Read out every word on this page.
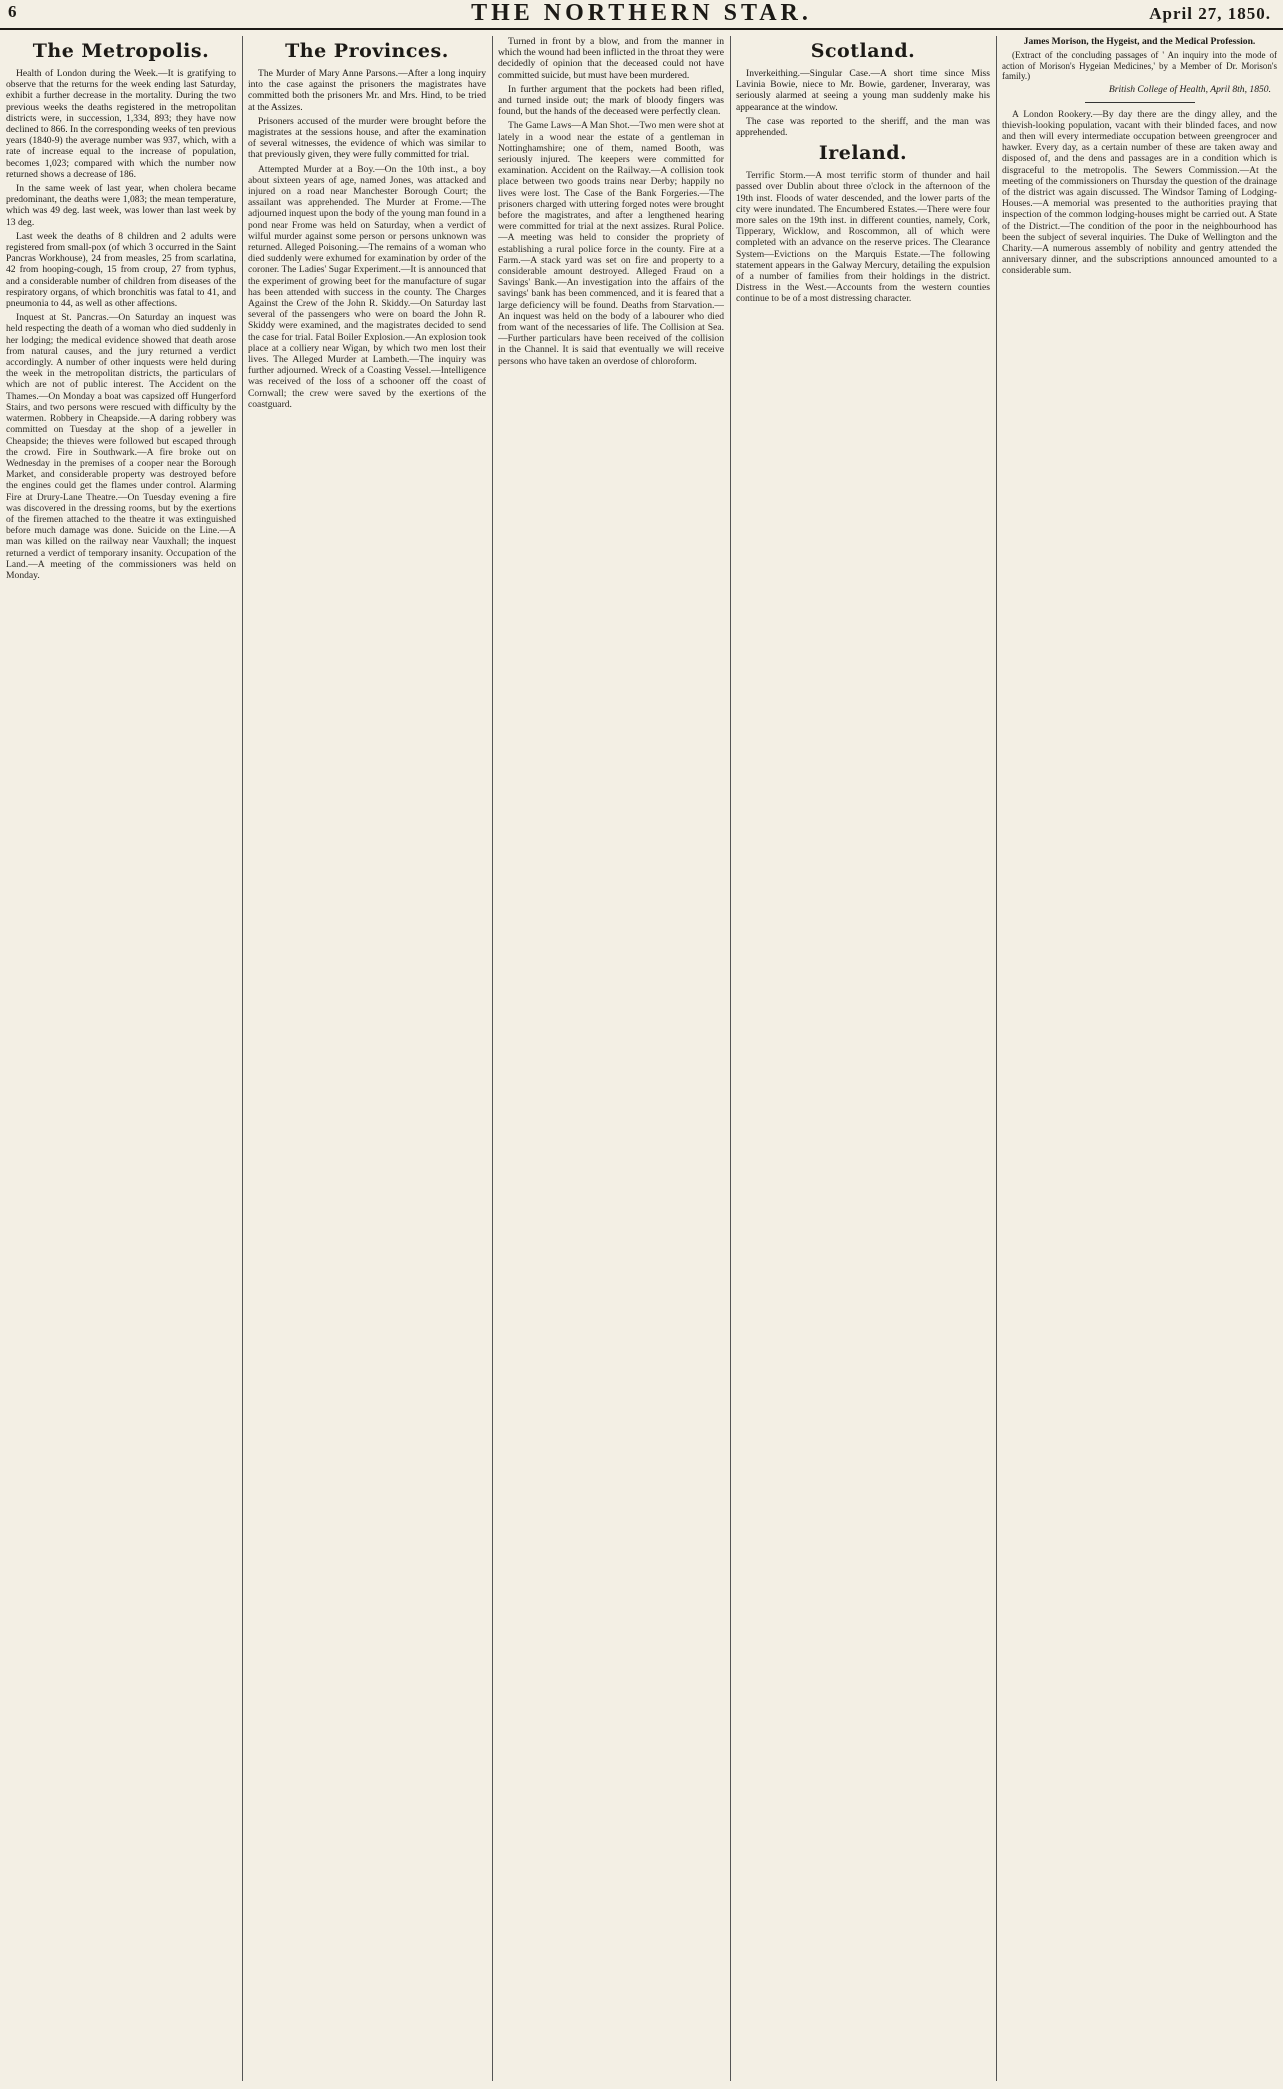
6	THE NORTHERN STAR.	April 27, 1850.
The Metropolis.

Health of London during the Week.—It is gratifying to observe that the returns for the week ending last Saturday, exhibit a further decrease in the mortality. During the two previous weeks the deaths registered in the metropolitan districts were, in succession, 1,334, 893; they have now declined to 866. In the corresponding weeks of ten previous years (1840-9) the average number was 937, which, with a rate of increase equal to the increase of population, becomes 1,023; compared with which the number now returned shows a decrease of 186.

In the same week of last year, when cholera became predominant, the deaths were 1,083; the mean temperature, which was 49 deg. last week, was lower than last week by 13 deg.

Last week the deaths of 8 children and 2 adults were registered from small-pox (of which 3 occurred in the Saint Pancras Workhouse), 24 from measles, 25 from scarlatina, 42 from hooping-cough, 15 from croup, 27 from typhus, and a considerable number of children from diseases of the respiratory organs, of which bronchitis was fatal to 41, and pneumonia to 44, as well as other affections.

Inquest at St. Pancras.—On Saturday an inquest was held respecting the death of a woman who died suddenly in her lodging; the medical evidence showed that death arose from natural causes, and the jury returned a verdict accordingly. A number of other inquests were held during the week in the metropolitan districts, the particulars of which are not of public interest. The Accident on the Thames.—On Monday a boat was capsized off Hungerford Stairs, and two persons were rescued with difficulty by the watermen. Robbery in Cheapside.—A daring robbery was committed on Tuesday at the shop of a jeweller in Cheapside; the thieves were followed but escaped through the crowd. Fire in Southwark.—A fire broke out on Wednesday in the premises of a cooper near the Borough Market, and considerable property was destroyed before the engines could get the flames under control. Alarming Fire at Drury-Lane Theatre.—On Tuesday evening a fire was discovered in the dressing rooms, but by the exertions of the firemen attached to the theatre it was extinguished before much damage was done. Suicide on the Line.—A man was killed on the railway near Vauxhall; the inquest returned a verdict of temporary insanity. Occupation of the Land.—A meeting of the commissioners was held on Monday.

The Provinces.

The Murder of Mary Anne Parsons.—After a long inquiry into the case against the prisoners the magistrates have committed both the prisoners Mr. and Mrs. Hind, to be tried at the Assizes.

Prisoners accused of the murder were brought before the magistrates at the sessions house, and after the examination of several witnesses, the evidence of which was similar to that previously given, they were fully committed for trial.

Attempted Murder at a Boy.—On the 10th inst., a boy about sixteen years of age, named Jones, was attacked and injured on a road near Manchester Borough Court; the assailant was apprehended. The Murder at Frome.—The adjourned inquest upon the body of the young man found in a pond near Frome was held on Saturday, when a verdict of wilful murder against some person or persons unknown was returned. Alleged Poisoning.—The remains of a woman who died suddenly were exhumed for examination by order of the coroner. The Ladies' Sugar Experiment.—It is announced that the experiment of growing beet for the manufacture of sugar has been attended with success in the county. The Charges Against the Crew of the John R. Skiddy.—On Saturday last several of the passengers who were on board the John R. Skiddy were examined, and the magistrates decided to send the case for trial. Fatal Boiler Explosion.—An explosion took place at a colliery near Wigan, by which two men lost their lives. The Alleged Murder at Lambeth.—The inquiry was further adjourned. Wreck of a Coasting Vessel.—Intelligence was received of the loss of a schooner off the coast of Cornwall; the crew were saved by the exertions of the coastguard.

Turned in front by a blow, and from the manner in which the wound had been inflicted in the throat they were decidedly of opinion that the deceased could not have committed suicide, but must have been murdered.

In further argument that the pockets had been rifled, and turned inside out; the mark of bloody fingers was found, but the hands of the deceased were perfectly clean.

The Game Laws—A Man Shot.—Two men were shot at lately in a wood near the estate of a gentleman in Nottinghamshire; one of them, named Booth, was seriously injured. The keepers were committed for examination. Accident on the Railway.—A collision took place between two goods trains near Derby; happily no lives were lost. The Case of the Bank Forgeries.—The prisoners charged with uttering forged notes were brought before the magistrates, and after a lengthened hearing were committed for trial at the next assizes. Rural Police.—A meeting was held to consider the propriety of establishing a rural police force in the county. Fire at a Farm.—A stack yard was set on fire and property to a considerable amount destroyed. Alleged Fraud on a Savings' Bank.—An investigation into the affairs of the savings' bank has been commenced, and it is feared that a large deficiency will be found. Deaths from Starvation.—An inquest was held on the body of a labourer who died from want of the necessaries of life. The Collision at Sea.—Further particulars have been received of the collision in the Channel. It is said that eventually we will receive persons who have taken an overdose of chloroform.

Scotland.

Inverkeithing.—Singular Case.—A short time since Miss Lavinia Bowie, niece to Mr. Bowie, gardener, Inveraray, was seriously alarmed at seeing a young man suddenly make his appearance at the window.

The case was reported to the sheriff, and the man was apprehended.

Ireland.

Terrific Storm.—A most terrific storm of thunder and hail passed over Dublin about three o'clock in the afternoon of the 19th inst. Floods of water descended, and the lower parts of the city were inundated. The Encumbered Estates.—There were four more sales on the 19th inst. in different counties, namely, Cork, Tipperary, Wicklow, and Roscommon, all of which were completed with an advance on the reserve prices. The Clearance System—Evictions on the Marquis Estate.—The following statement appears in the Galway Mercury, detailing the expulsion of a number of families from their holdings in the district. Distress in the West.—Accounts from the western counties continue to be of a most distressing character.

James Morison, the Hygeist, and the Medical Profession.

(Extract of the concluding passages of ' An inquiry into the mode of action of Morison's Hygeian Medicines,' by a Member of Dr. Morison's family.)

British College of Health, April 8th, 1850.

A London Rookery.—By day there are the dingy alley, and the thievish-looking population, vacant with their blinded faces, and now and then will every intermediate occupation between greengrocer and hawker. Every day, as a certain number of these are taken away and disposed of, and the dens and passages are in a condition which is disgraceful to the metropolis. The Sewers Commission.—At the meeting of the commissioners on Thursday the question of the drainage of the district was again discussed. The Windsor Taming of Lodging-Houses.—A memorial was presented to the authorities praying that inspection of the common lodging-houses might be carried out. A State of the District.—The condition of the poor in the neighbourhood has been the subject of several inquiries. The Duke of Wellington and the Charity.—A numerous assembly of nobility and gentry attended the anniversary dinner, and the subscriptions announced amounted to a considerable sum.
